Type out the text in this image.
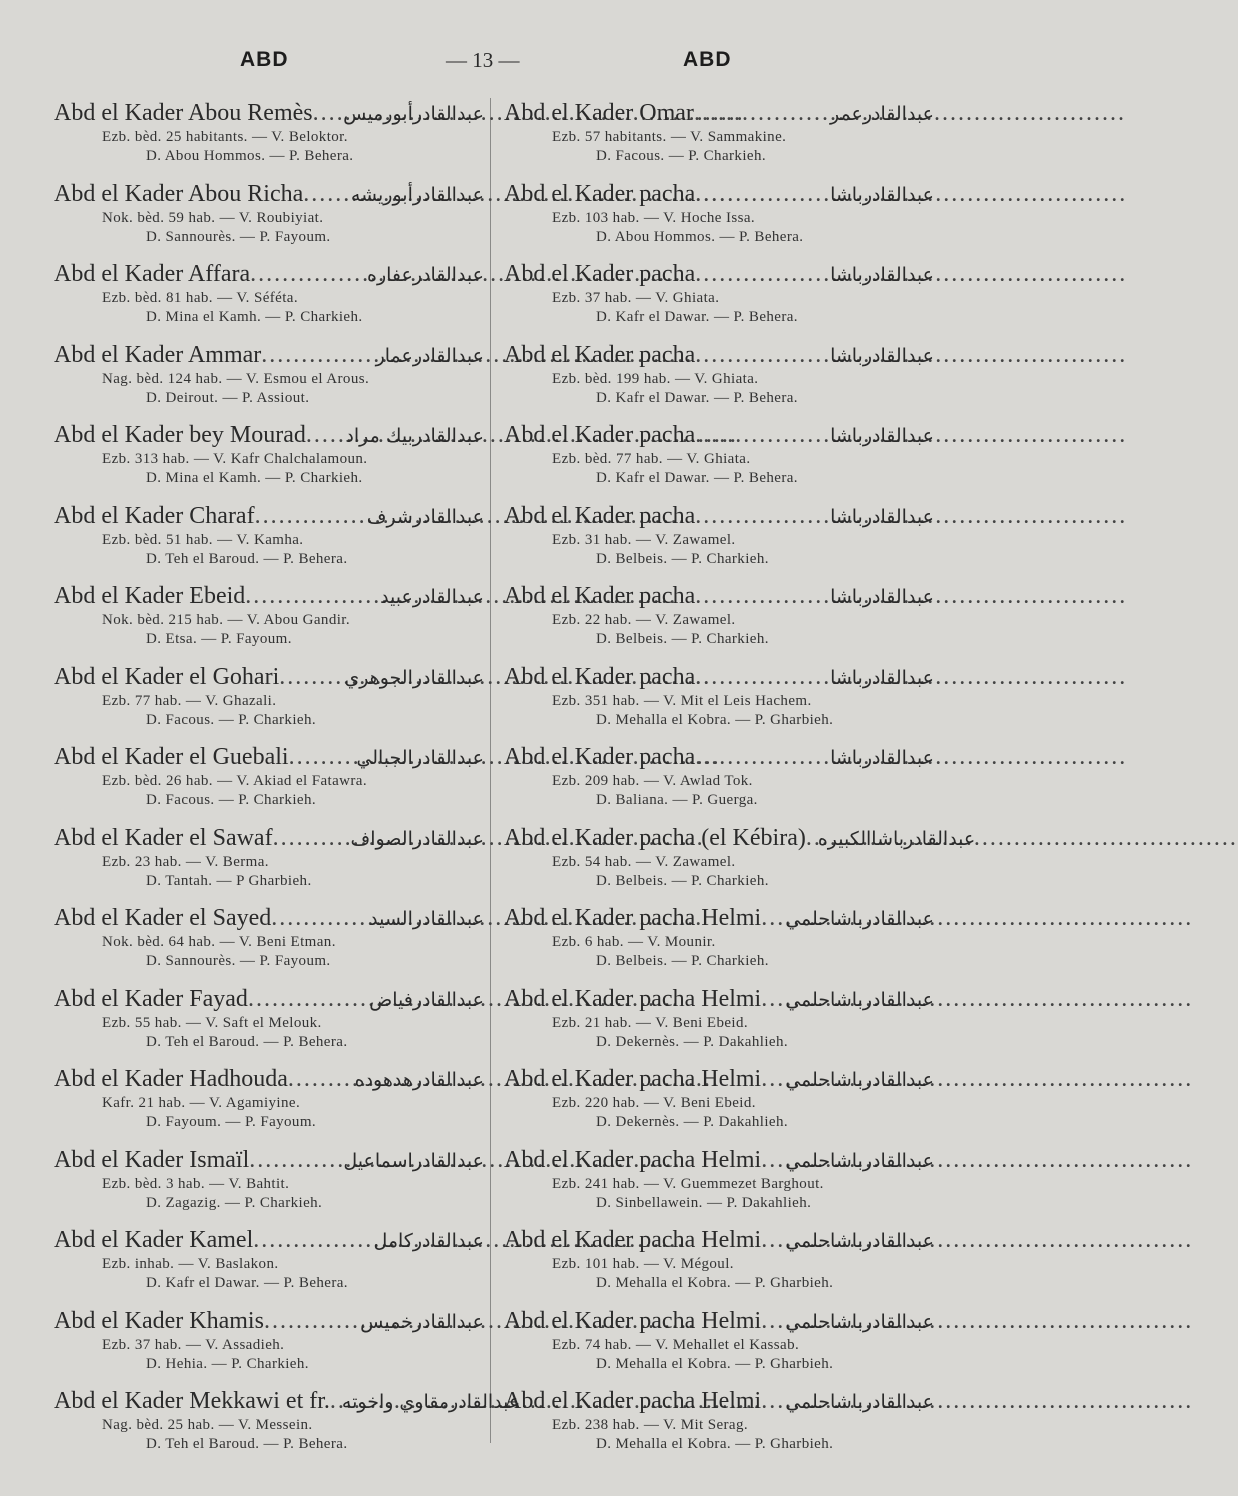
ABD	— 13 —	ABD
Abd el Kader Abou Remès ..... عبدالقادرأبورميس
Ezb. bèd. 25 habitants. — V. Beloktor.
D. Abou Hommos. — P. Behera.
Abd el Kader Abou Richa .....	عبدالقادرأبوريشه
Nok. bèd. 59 hab. — V. Roubiyiat.
D. Sannourès. — P. Fayoum.
Abd el Kader Affara .....	عبدالقادرعفاره
Ezb. bèd. 81 hab. — V. Séféta.
D. Mina el Kamh. — P. Charkieh.
Abd el Kader Ammar .....	عبدالقادرعمار
Nag. bèd. 124 hab. — V. Esmou el Arous.
D. Deirout. — P. Assiout.
Abd el Kader bey Mourad ..... عبدالقادربيك مراد
Ezb. 313 hab. — V. Kafr Chalchalamoun.
D. Mina el Kamh. — P. Charkieh.
Abd el Kader Charaf .....	عبدالقادرشرف
Ezb. bèd. 51 hab. — V. Kamha.
D. Teh el Baroud. — P. Behera.
Abd el Kader Ebeid .....	عبدالقادرعبيد
Nok. bèd. 215 hab. — V. Abou Gandir.
D. Etsa. — P. Fayoum.
Abd el Kader el Gohari .....	عبدالقادرالجوهري
Ezb. 77 hab. — V. Ghazali.
D. Facous. — P. Charkieh.
Abd el Kader el Guebali .....	عبدالقادرالجبالي
Ezb. bèd. 26 hab. — V. Akiad el Fatawra.
D. Facous. — P. Charkieh.
Abd el Kader el Sawaf .....	عبدالقادرالصواف
Ezb. 23 hab. — V. Berma.
D. Tantah. — P Gharbieh.
Abd el Kader el Sayed .....	عبدالقادرالسيد
Nok. bèd. 64 hab. — V. Beni Etman.
D. Sannourès. — P. Fayoum.
Abd el Kader Fayad .....	عبدالقادرفياض
Ezb. 55 hab. — V. Saft el Melouk.
D. Teh el Baroud. — P. Behera.
Abd el Kader Hadhouda .....	عبدالقادرهدهوده
Kafr. 21 hab. — V. Agamiyine.
D. Fayoum. — P. Fayoum.
Abd el Kader Ismaïl .....	عبدالقادراسماعيل
Ezb. bèd. 3 hab. — V. Bahtit.
D. Zagazig. — P. Charkieh.
Abd el Kader Kamel .....	عبدالقادركامل
Ezb. inhab. — V. Baslakon.
D. Kafr el Dawar. — P. Behera.
Abd el Kader Khamis .....	عبدالقادرخميس
Ezb. 37 hab. — V. Assadieh.
D. Hehia. — P. Charkieh.
Abd el Kader Mekkawi et fr. ..... عبدالقادرمقاوي واخوته
Nag. bèd. 25 hab. — V. Messein.
D. Teh el Baroud. — P. Behera.
Abd el Kader Omar .....	عبدالقادرعمر
Ezb. 57 habitants. — V. Sammakine.
D. Facous. — P. Charkieh.
Abd el Kader pacha .....	عبدالقادرباشا
Ezb. 103 hab. — V. Hoche Issa.
D. Abou Hommos. — P. Behera.
Abd el Kader pacha .....	عبدالقادرباشا
Ezb. 37 hab. — V. Ghiata.
D. Kafr el Dawar. — P. Behera.
Abd el Kader pacha .....	عبدالقادرباشا
Ezb. bèd. 199 hab. — V. Ghiata.
D. Kafr el Dawar. — P. Behera.
Abd el Kader pacha .....	عبدالقادرباشا
Ezb. bèd. 77 hab. — V. Ghiata.
D. Kafr el Dawar. — P. Behera.
Abd el Kader pacha .....	عبدالقادرباشا
Ezb. 31 hab. — V. Zawamel.
D. Belbeis. — P. Charkieh.
Abd el Kader pacha .....	عبدالقادرباشا
Ezb. 22 hab. — V. Zawamel.
D. Belbeis. — P. Charkieh.
Abd el Kader pacha .....	عبدالقادرباشا
Ezb. 351 hab. — V. Mit el Leis Hachem.
D. Mehalla el Kobra. — P. Gharbieh.
Abd el Kader pacha .....	عبدالقادرباشا
Ezb. 209 hab. — V. Awlad Tok.
D. Baliana. — P. Guerga.
Abd el Kader pacha (el Kébira) ..... عبدالقادرباشاالكبيره
Ezb. 54 hab. — V. Zawamel.
D. Belbeis. — P. Charkieh.
Abd el Kader pacha Helmi ..... عبدالقادرباشاحلمي
Ezb. 6 hab. — V. Mounir.
D. Belbeis. — P. Charkieh.
Abd el Kader pacha Helmi ..... عبدالقادرباشاحلمي
Ezb. 21 hab. — V. Beni Ebeid.
D. Dekernès. — P. Dakahlieh.
Abd el Kader pacha Helmi ..... عبدالقادرباشاحلمي
Ezb. 220 hab. — V. Beni Ebeid.
D. Dekernès. — P. Dakahlieh.
Abd el Kader pacha Helmi ..... عبدالقادرباشاحلمي
Ezb. 241 hab. — V. Guemmezet Barghout.
D. Sinbellawein. — P. Dakahlieh.
Abd el Kader pacha Helmi ..... عبدالقادرباشاحلمي
Ezb. 101 hab. — V. Mégoul.
D. Mehalla el Kobra. — P. Gharbieh.
Abd el Kader pacha Helmi ..... عبدالقادرباشاحلمي
Ezb. 74 hab. — V. Mehallet el Kassab.
D. Mehalla el Kobra. — P. Gharbieh.
Abd el Kader pacha Helmi ..... عبدالقادرباشاحلمي
Ezb. 238 hab. — V. Mit Serag.
D. Mehalla el Kobra. — P. Gharbieh.
